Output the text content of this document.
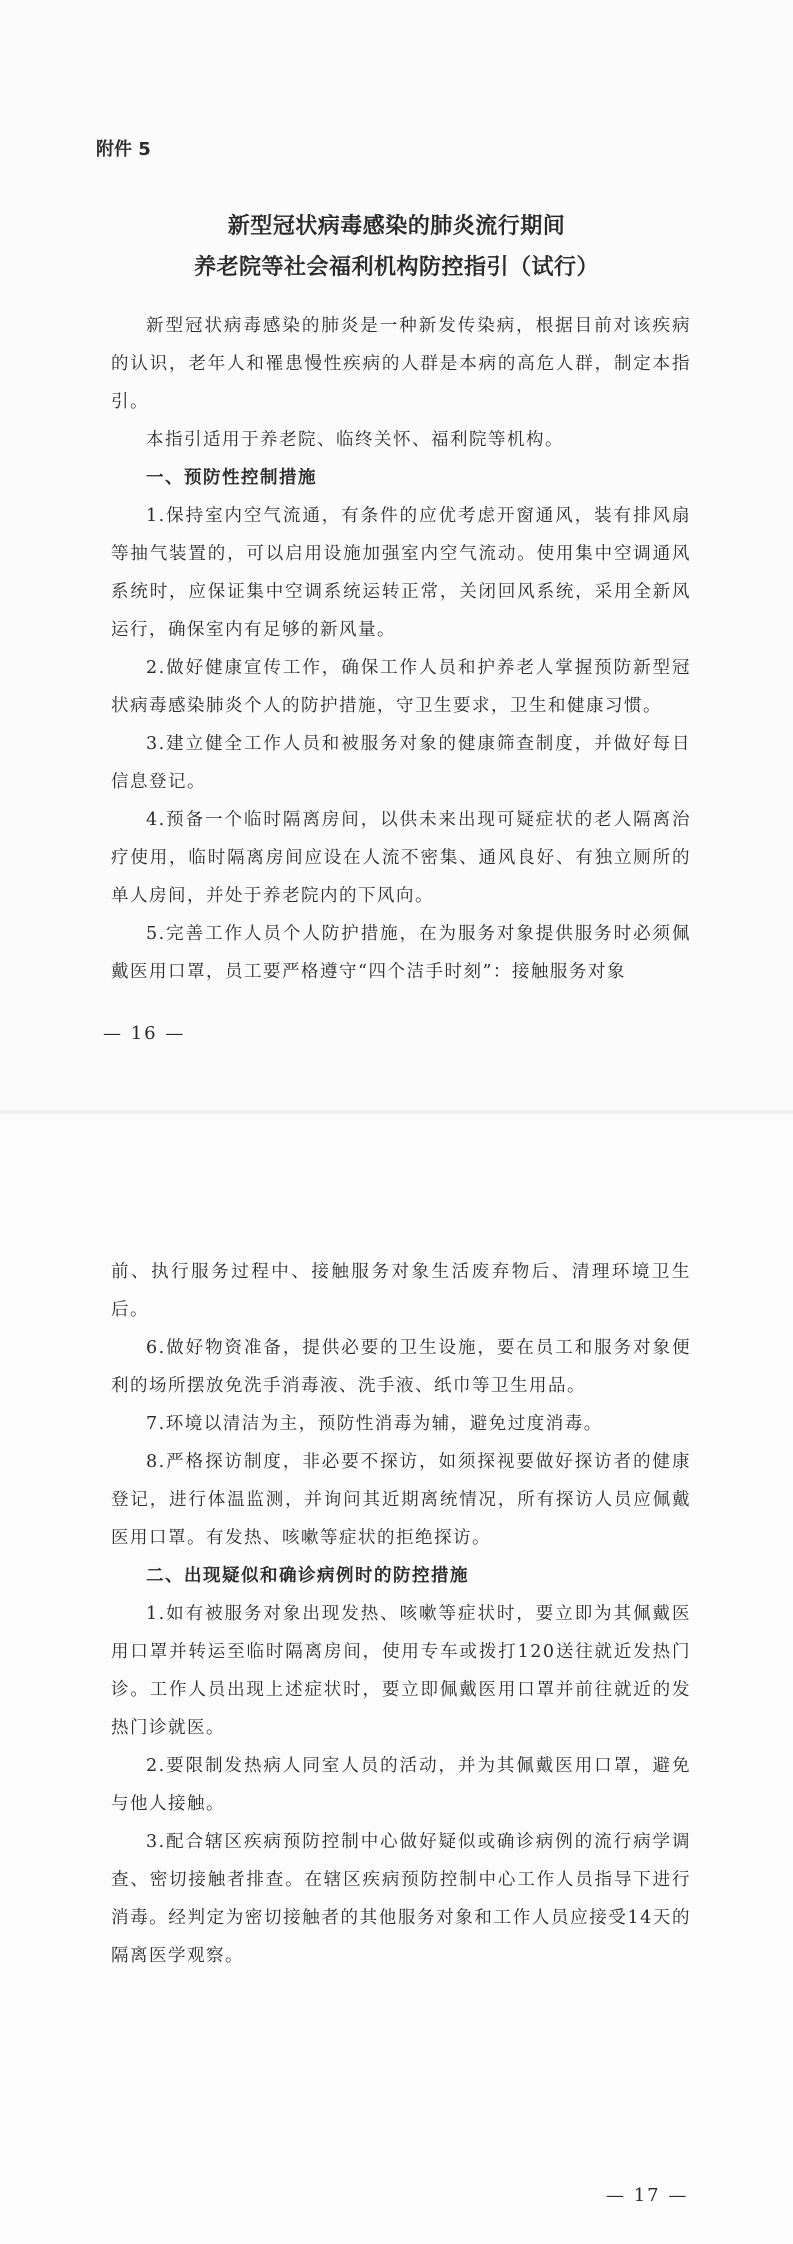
附件 5
新型冠状病毒感染的肺炎流行期间
养老院等社会福利机构防控指引（试行）

新型冠状病毒感染的肺炎是一种新发传染病，根据目前对该疾病的认识，老年人和罹患慢性疾病的人群是本病的高危人群，制定本指引。

本指引适用于养老院、临终关怀、福利院等机构。

一、预防性控制措施

1.保持室内空气流通，有条件的应优考虑开窗通风，装有排风扇等抽气装置的，可以启用设施加强室内空气流动。使用集中空调通风系统时，应保证集中空调系统运转正常，关闭回风系统，采用全新风运行，确保室内有足够的新风量。

2.做好健康宣传工作，确保工作人员和护养老人掌握预防新型冠状病毒感染肺炎个人的防护措施，守卫生要求，卫生和健康习惯。

3.建立健全工作人员和被服务对象的健康筛查制度，并做好每日信息登记。

4.预备一个临时隔离房间，以供未来出现可疑症状的老人隔离治疗使用，临时隔离房间应设在人流不密集、通风良好、有独立厕所的单人房间，并处于养老院内的下风向。

5.完善工作人员个人防护措施，在为服务对象提供服务时必须佩戴医用口罩，员工要严格遵守“四个洁手时刻”：接触服务对象

— 16 —

前、执行服务过程中、接触服务对象生活废弃物后、清理环境卫生后。

6.做好物资准备，提供必要的卫生设施，要在员工和服务对象便利的场所摆放免洗手消毒液、洗手液、纸巾等卫生用品。

7.环境以清洁为主，预防性消毒为辅，避免过度消毒。

8.严格探访制度，非必要不探访，如须探视要做好探访者的健康登记，进行体温监测，并询问其近期离统情况，所有探访人员应佩戴医用口罩。有发热、咳嗽等症状的拒绝探访。

二、出现疑似和确诊病例时的防控措施

1.如有被服务对象出现发热、咳嗽等症状时，要立即为其佩戴医用口罩并转运至临时隔离房间，使用专车或拨打120送往就近发热门诊。工作人员出现上述症状时，要立即佩戴医用口罩并前往就近的发热门诊就医。

2.要限制发热病人同室人员的活动，并为其佩戴医用口罩，避免与他人接触。

3.配合辖区疾病预防控制中心做好疑似或确诊病例的流行病学调查、密切接触者排查。在辖区疾病预防控制中心工作人员指导下进行消毒。经判定为密切接触者的其他服务对象和工作人员应接受14天的隔离医学观察。

— 17 —
